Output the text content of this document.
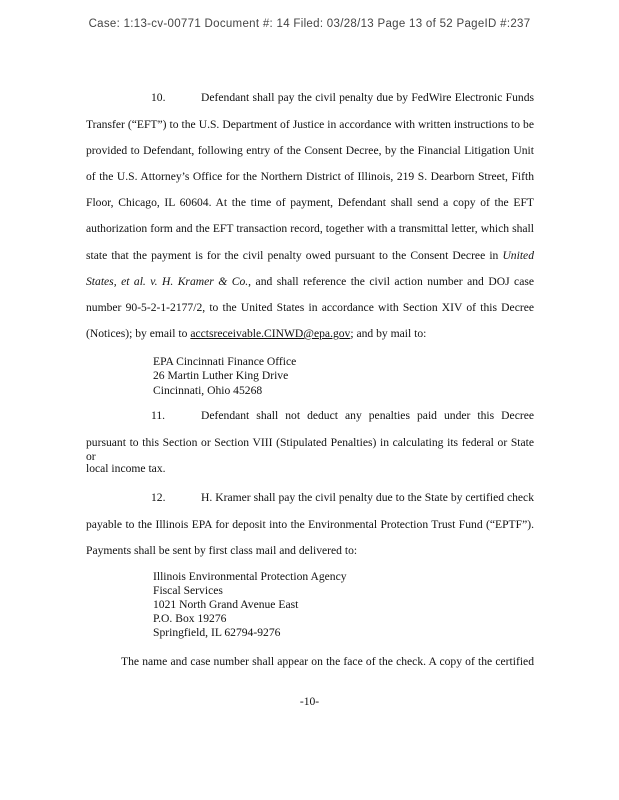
Case: 1:13-cv-00771 Document #: 14 Filed: 03/28/13 Page 13 of 52 PageID #:237
10.	Defendant shall pay the civil penalty due by FedWire Electronic Funds
Transfer (“EFT”) to the U.S. Department of Justice in accordance with written instructions to be
provided to Defendant, following entry of the Consent Decree, by the Financial Litigation Unit
of the U.S. Attorney’s Office for the Northern District of Illinois, 219 S. Dearborn Street, Fifth
Floor, Chicago, IL 60604. At the time of payment, Defendant shall send a copy of the EFT
authorization form and the EFT transaction record, together with a transmittal letter, which shall
state that the payment is for the civil penalty owed pursuant to the Consent Decree in United
States, et al. v. H. Kramer & Co., and shall reference the civil action number and DOJ case
number 90-5-2-1-2177/2, to the United States in accordance with Section XIV of this Decree
(Notices); by email to acctsreceivable.CINWD@epa.gov; and by mail to:
EPA Cincinnati Finance Office
26 Martin Luther King Drive
Cincinnati, Ohio 45268
11.	Defendant shall not deduct any penalties paid under this Decree
pursuant to this Section or Section VIII (Stipulated Penalties) in calculating its federal or State or
local income tax.
12.	H. Kramer shall pay the civil penalty due to the State by certified check
payable to the Illinois EPA for deposit into the Environmental Protection Trust Fund (“EPTF”).
Payments shall be sent by first class mail and delivered to:
Illinois Environmental Protection Agency
Fiscal Services
1021 North Grand Avenue East
P.O. Box 19276
Springfield, IL 62794-9276
The name and case number shall appear on the face of the check. A copy of the certified
-10-
